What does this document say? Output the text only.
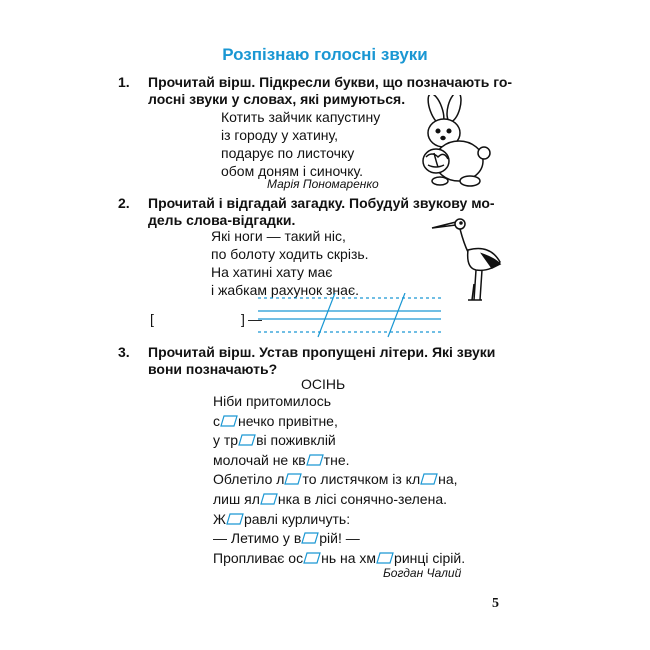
Розпізнаю голосні звуки
1. Прочитай вірш. Підкресли букви, що позначають го-
лосні звуки у словах, які римуються.
Котить зайчик капустину
із городу у хатину,
подарує по листочку
обом доням і синочку.
Марія Пономаренко
2. Прочитай і відгадай загадку. Побудуй звукову мо-
дель слова-відгадки.
Які ноги — такий ніс,
по болоту ходить скрізь.
На хатині хату має
і жабкам рахунок знає.
[	] —
3. Прочитай вірш. Устав пропущені літери. Які звуки
вони позначають?
ОСІНЬ
Ніби притомилось
с нечко привітне,
у тр ві поживклій
молочай не кв тне.
Облетіло л то листячком із кл на,
лиш ял нка в лісі сонячно-зелена.
Ж равлі курличуть:
— Летимо у в рій! —
Пропливає ос нь на хм ринці сірій.
Богдан Чалий
5
